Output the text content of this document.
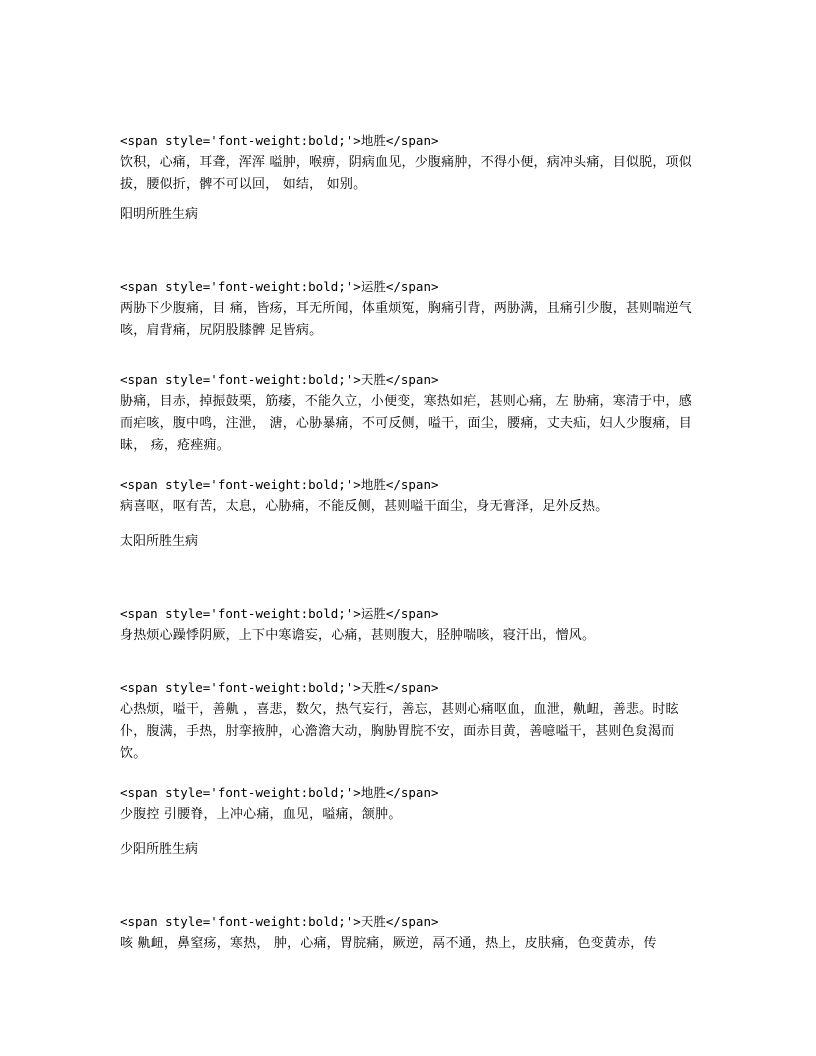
<span style='font-weight:bold;'>地胜</span>
饮积，心痛，耳聋，浑浑 嗌肿，喉痹，阴病血见，少腹痛肿，不得小便，病冲头痛，目似脱，项似拔，腰似折，髀不可以回， 如结， 如别。
阳明所胜生病
<span style='font-weight:bold;'>运胜</span>
两胁下少腹痛，目 痛，皆疡，耳无所闻，体重烦冤，胸痛引背，两胁满，且痛引少腹，甚则喘逆气咳，肩背痛，尻阴股膝髀 足皆病。
<span style='font-weight:bold;'>天胜</span>
胁痛，目赤，掉振鼓栗，筋痿，不能久立，小便变，寒热如疟，甚则心痛，左 胁痛，寒清于中，感而疟咳，腹中鸣，注泄， 溏，心胁暴痛，不可反侧，嗌干，面尘，腰痛，丈夫疝，妇人少腹痛，目昧， 疡，疮痤痈。
<span style='font-weight:bold;'>地胜</span>
病喜呕，呕有苦，太息，心胁痛，不能反侧，甚则嗌干面尘，身无膏泽，足外反热。
太阳所胜生病
<span style='font-weight:bold;'>运胜</span>
身热烦心躁悸阴厥，上下中寒谵妄，心痛，甚则腹大，胫肿喘咳，寝汗出，憎风。
<span style='font-weight:bold;'>天胜</span>
心热烦，嗌干，善鼽 ，喜悲，数欠，热气妄行，善忘，甚则心痛呕血，血泄，鼽衄，善悲。时眩仆，腹满，手热，肘挛掖肿，心澹澹大动，胸胁胃脘不安，面赤目黄，善噫嗌干，甚则色炱渴而饮。
<span style='font-weight:bold;'>地胜</span>
少腹控 引腰脊，上冲心痛，血见，嗌痛，颔肿。
少阳所胜生病
<span style='font-weight:bold;'>天胜</span>
咳 鼽衄，鼻窒疡，寒热， 肿，心痛，胃脘痛，厥逆，鬲不通，热上，皮肤痛，色变黄赤，传
